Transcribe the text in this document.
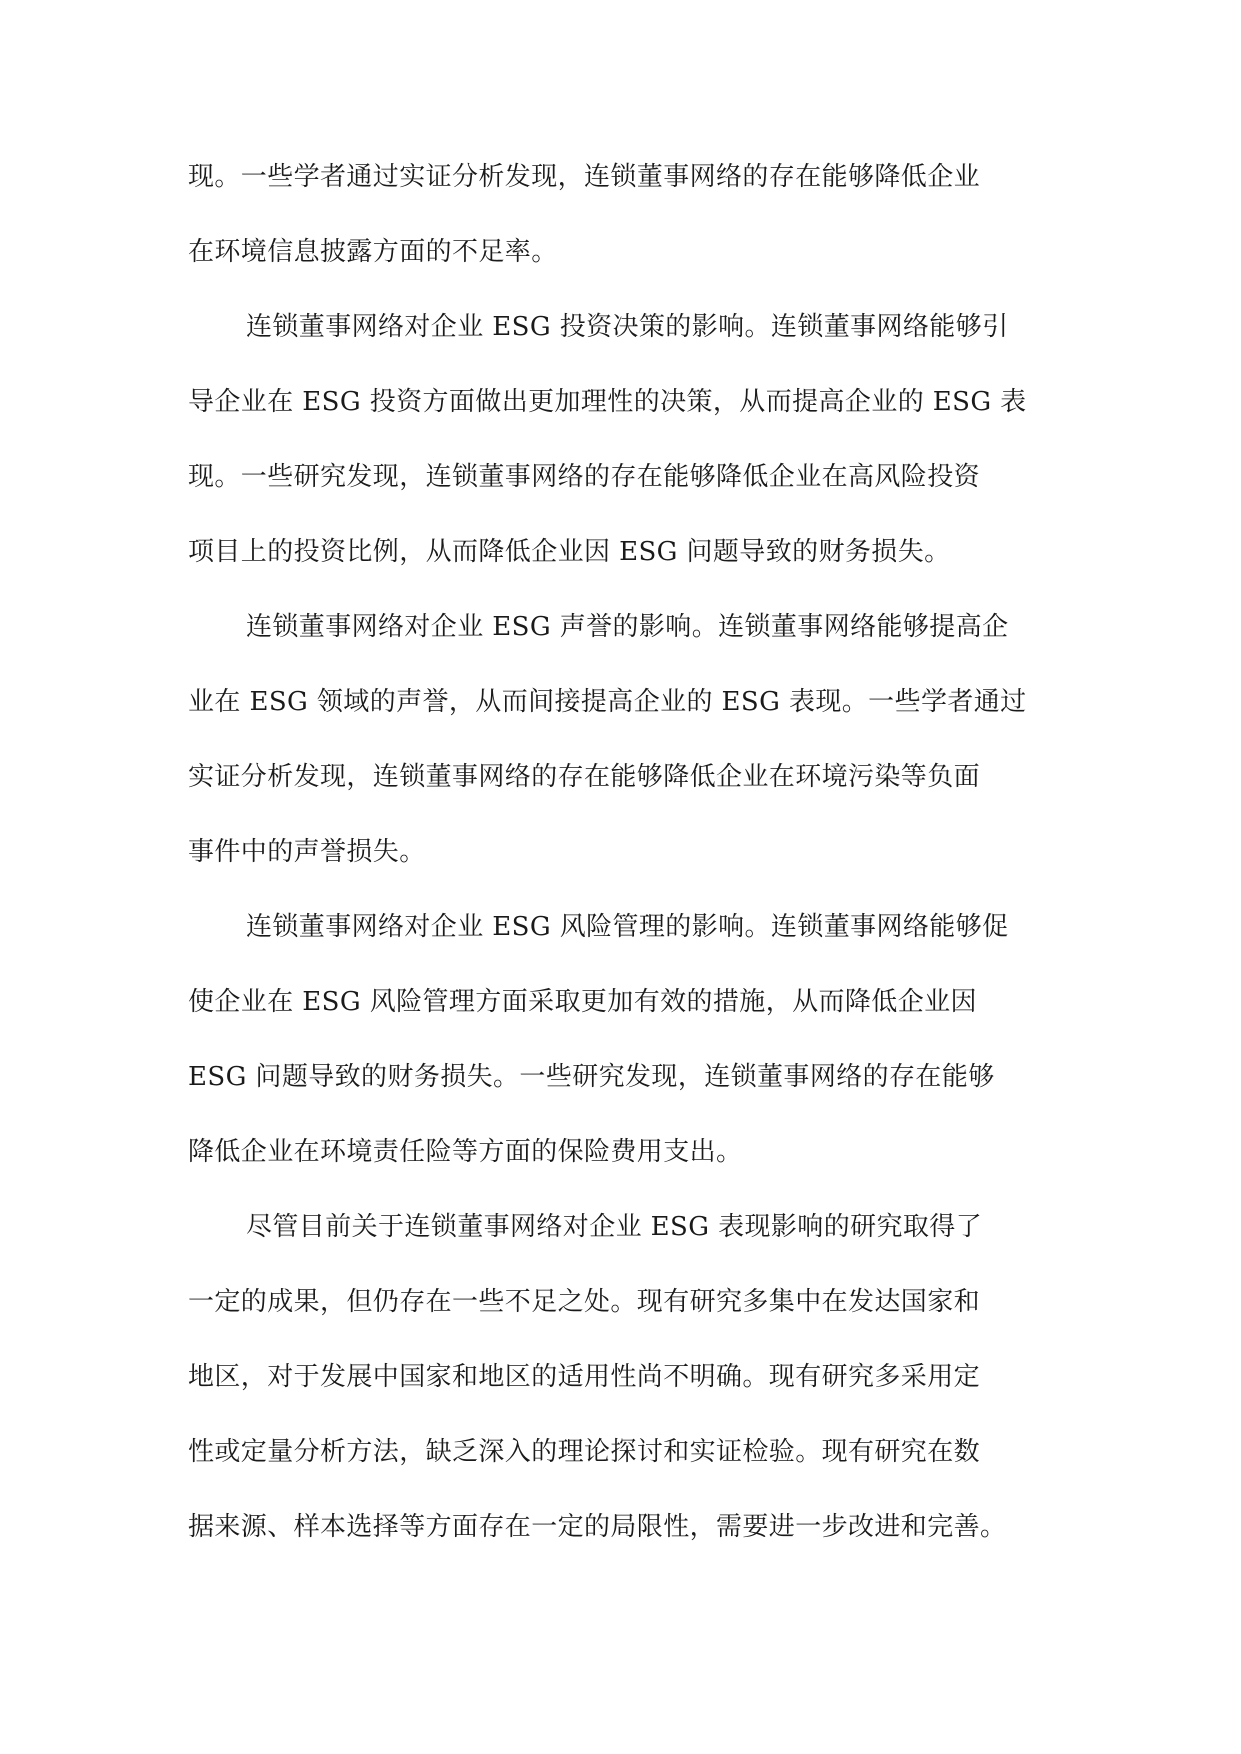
现。一些学者通过实证分析发现，连锁董事网络的存在能够降低企业
在环境信息披露方面的不足率。
连锁董事网络对企业 ESG 投资决策的影响。连锁董事网络能够引
导企业在 ESG 投资方面做出更加理性的决策，从而提高企业的 ESG 表
现。一些研究发现，连锁董事网络的存在能够降低企业在高风险投资
项目上的投资比例，从而降低企业因 ESG 问题导致的财务损失。
连锁董事网络对企业 ESG 声誉的影响。连锁董事网络能够提高企
业在 ESG 领域的声誉，从而间接提高企业的 ESG 表现。一些学者通过
实证分析发现，连锁董事网络的存在能够降低企业在环境污染等负面
事件中的声誉损失。
连锁董事网络对企业 ESG 风险管理的影响。连锁董事网络能够促
使企业在 ESG 风险管理方面采取更加有效的措施，从而降低企业因
ESG 问题导致的财务损失。一些研究发现，连锁董事网络的存在能够
降低企业在环境责任险等方面的保险费用支出。
尽管目前关于连锁董事网络对企业 ESG 表现影响的研究取得了
一定的成果，但仍存在一些不足之处。现有研究多集中在发达国家和
地区，对于发展中国家和地区的适用性尚不明确。现有研究多采用定
性或定量分析方法，缺乏深入的理论探讨和实证检验。现有研究在数
据来源、样本选择等方面存在一定的局限性，需要进一步改进和完善。
